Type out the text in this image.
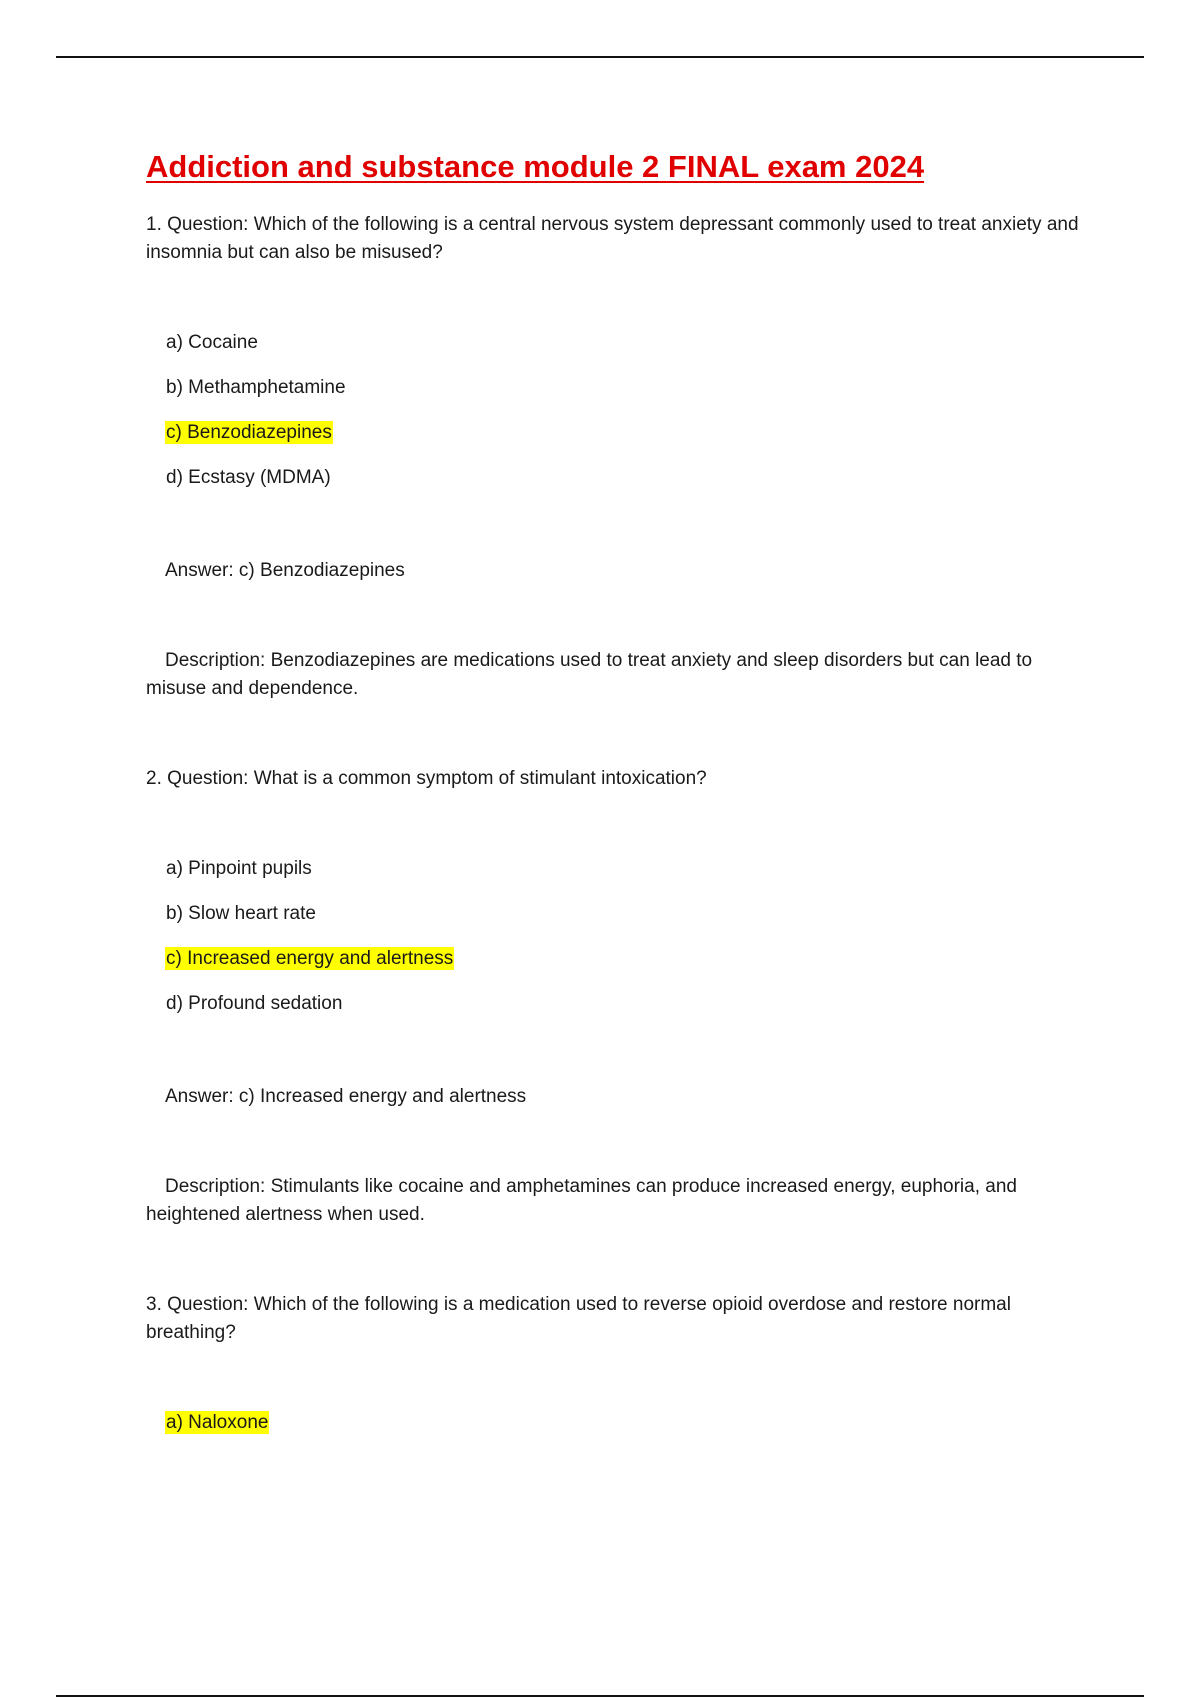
Addiction and substance module 2 FINAL exam 2024

1. Question: Which of the following is a central nervous system depressant commonly used to treat anxiety and insomnia but can also be misused?

a) Cocaine
b) Methamphetamine
c) Benzodiazepines
d) Ecstasy (MDMA)

Answer: c) Benzodiazepines

Description: Benzodiazepines are medications used to treat anxiety and sleep disorders but can lead to misuse and dependence.

2. Question: What is a common symptom of stimulant intoxication?

a) Pinpoint pupils
b) Slow heart rate
c) Increased energy and alertness
d) Profound sedation

Answer: c) Increased energy and alertness

Description: Stimulants like cocaine and amphetamines can produce increased energy, euphoria, and heightened alertness when used.

3. Question: Which of the following is a medication used to reverse opioid overdose and restore normal breathing?

a) Naloxone
